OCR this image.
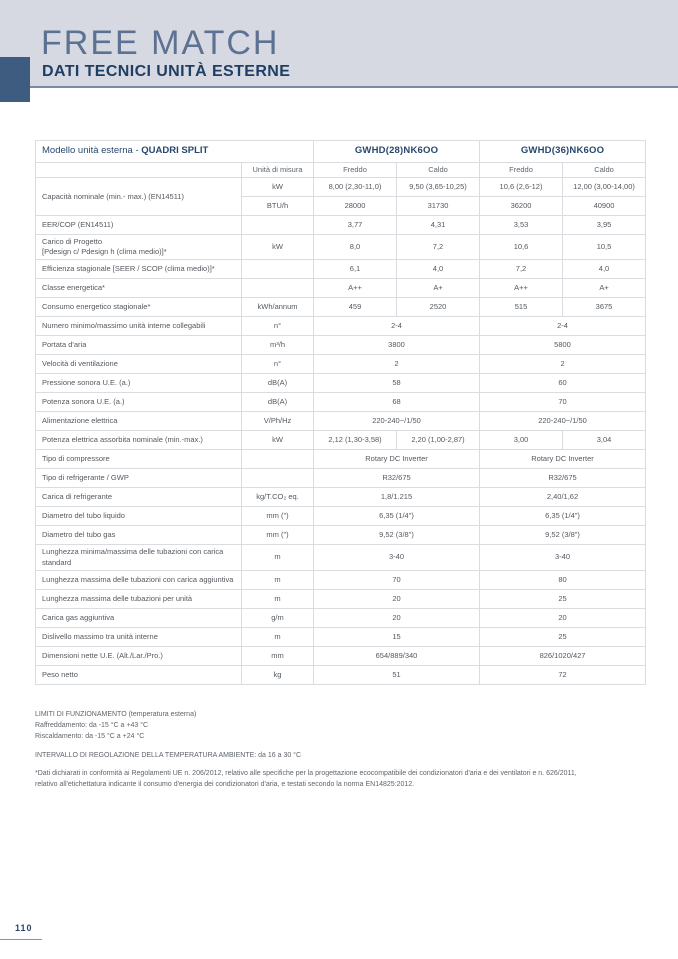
FREE MATCH
DATI TECNICI UNITÀ ESTERNE
Modello unità esterna - QUADRI SPLIT		GWHD(28)NK6OO		GWHD(36)NK6OO	
	Unità di misura	Freddo	Caldo	Freddo	Caldo

Capacità nominale (min.- max.) (EN14511)	kW	8,00 (2,30-11,0)	9,50 (3,65-10,25)	10,6 (2,6-12)	12,00 (3,00-14,00)
	BTU/h	28000	31730	36200	40900

EER/COP (EN14511)		3,77	4,31	3,53	3,95

Carico di Progetto
[Pdesign c/ Pdesign h (clima medio)]*	kW	8,0	7,2	10,6	10,5

Efficienza stagionale [SEER / SCOP (clima medio)]*		6,1	4,0	7,2	4,0

Classe energetica*		A++	A+	A++	A+

Consumo energetico stagionale*	kWh/annum	459	2520	515	3675

Numero minimo/massimo unità interne collegabili	n°	2-4		2-4	

Portata d'aria	m³/h	3800		5800	

Velocità di ventilazione	n°	2		2	

Pressione sonora U.E. (a.)	dB(A)	58		60	

Potenza sonora U.E. (a.)	dB(A)	68		70	

Alimentazione elettrica	V/Ph/Hz	220-240~/1/50		220-240~/1/50	

Potenza elettrica assorbita nominale (min.-max.)	kW	2,12 (1,30-3,58)	2,20 (1,00-2,87)	3,00	3,04

Tipo di compressore		Rotary DC Inverter		Rotary DC Inverter	

Tipo di refrigerante / GWP		R32/675		R32/675	

Carica di refrigerante	kg/T.CO₂ eq.	1,8/1.215		2,40/1,62	

Diametro del tubo liquido	mm (")	6,35 (1/4")		6,35 (1/4")	

Diametro del tubo gas	mm (")	9,52 (3/8")		9,52 (3/8")	

Lunghezza minima/massima delle tubazioni con carica standard	m	3-40		3-40	

Lunghezza massima delle tubazioni con carica aggiuntiva	m	70		80	

Lunghezza massima delle tubazioni per unità	m	20		25	

Carica gas aggiuntiva	g/m	20		20	

Dislivello massimo tra unità interne	m	15		25	

Dimensioni nette U.E. (Alt./Lar./Pro.)	mm	654/889/340		826/1020/427	

Peso netto	kg	51		72	
LIMITI DI FUNZIONAMENTO (temperatura esterna)
Raffreddamento: da -15 °C a +43 °C
Riscaldamento: da -15 °C a +24 °C
INTERVALLO DI REGOLAZIONE DELLA TEMPERATURA AMBIENTE: da 16 a 30 °C
*Dati dichiarati in conformità ai Regolamenti UE n. 206/2012, relativo alle specifiche per la progettazione ecocompatibile dei condizionatori d'aria e dei ventilatori e n. 626/2011,
relativo all'etichettatura indicante il consumo d'energia dei condizionatori d'aria, e testati secondo la norma EN14825:2012.
110
